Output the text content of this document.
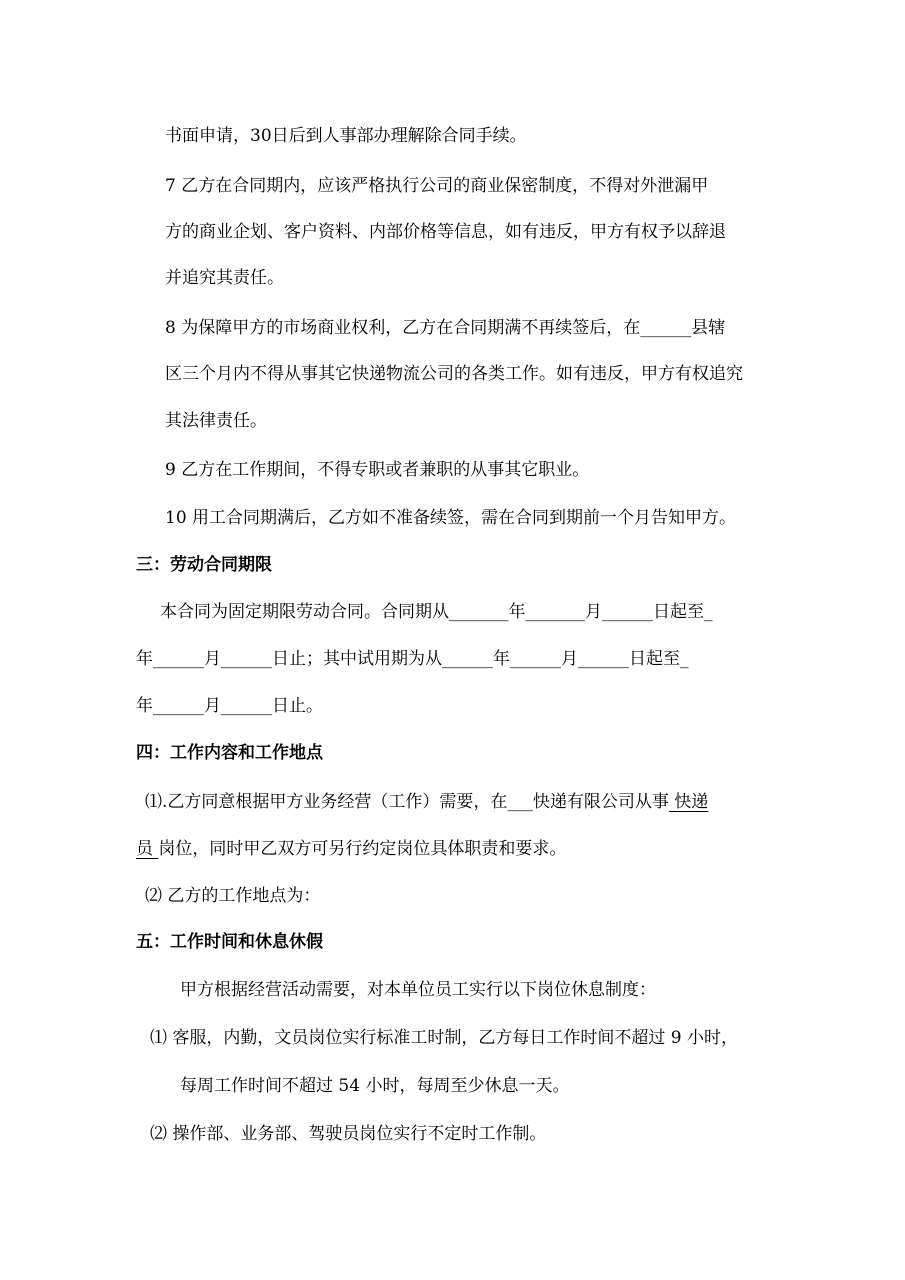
书面申请，30日后到人事部办理解除合同手续。
7 乙方在合同期内，应该严格执行公司的商业保密制度，不得对外泄漏甲
方的商业企划、客户资料、内部价格等信息，如有违反，甲方有权予以辞退
并追究其责任。
8 为保障甲方的市场商业权利，乙方在合同期满不再续签后，在______县辖
区三个月内不得从事其它快递物流公司的各类工作。如有违反，甲方有权追究
其法律责任。
9 乙方在工作期间，不得专职或者兼职的从事其它职业。
10 用工合同期满后，乙方如不准备续签，需在合同到期前一个月告知甲方。
三：劳动合同期限
本合同为固定期限劳动合同。合同期从_______年_______月______日起至_
年______月______日止；其中试用期为从______年______月______日起至_
年______月______日止。
四：工作内容和工作地点
⑴.乙方同意根据甲方业务经营（工作）需要，在___快递有限公司从事 快递
员 岗位，同时甲乙双方可另行约定岗位具体职责和要求。
⑵ 乙方的工作地点为：
五：工作时间和休息休假
甲方根据经营活动需要，对本单位员工实行以下岗位休息制度：
⑴ 客服，内勤，文员岗位实行标准工时制，乙方每日工作时间不超过 9 小时，
每周工作时间不超过 54 小时，每周至少休息一天。
⑵ 操作部、业务部、驾驶员岗位实行不定时工作制。
